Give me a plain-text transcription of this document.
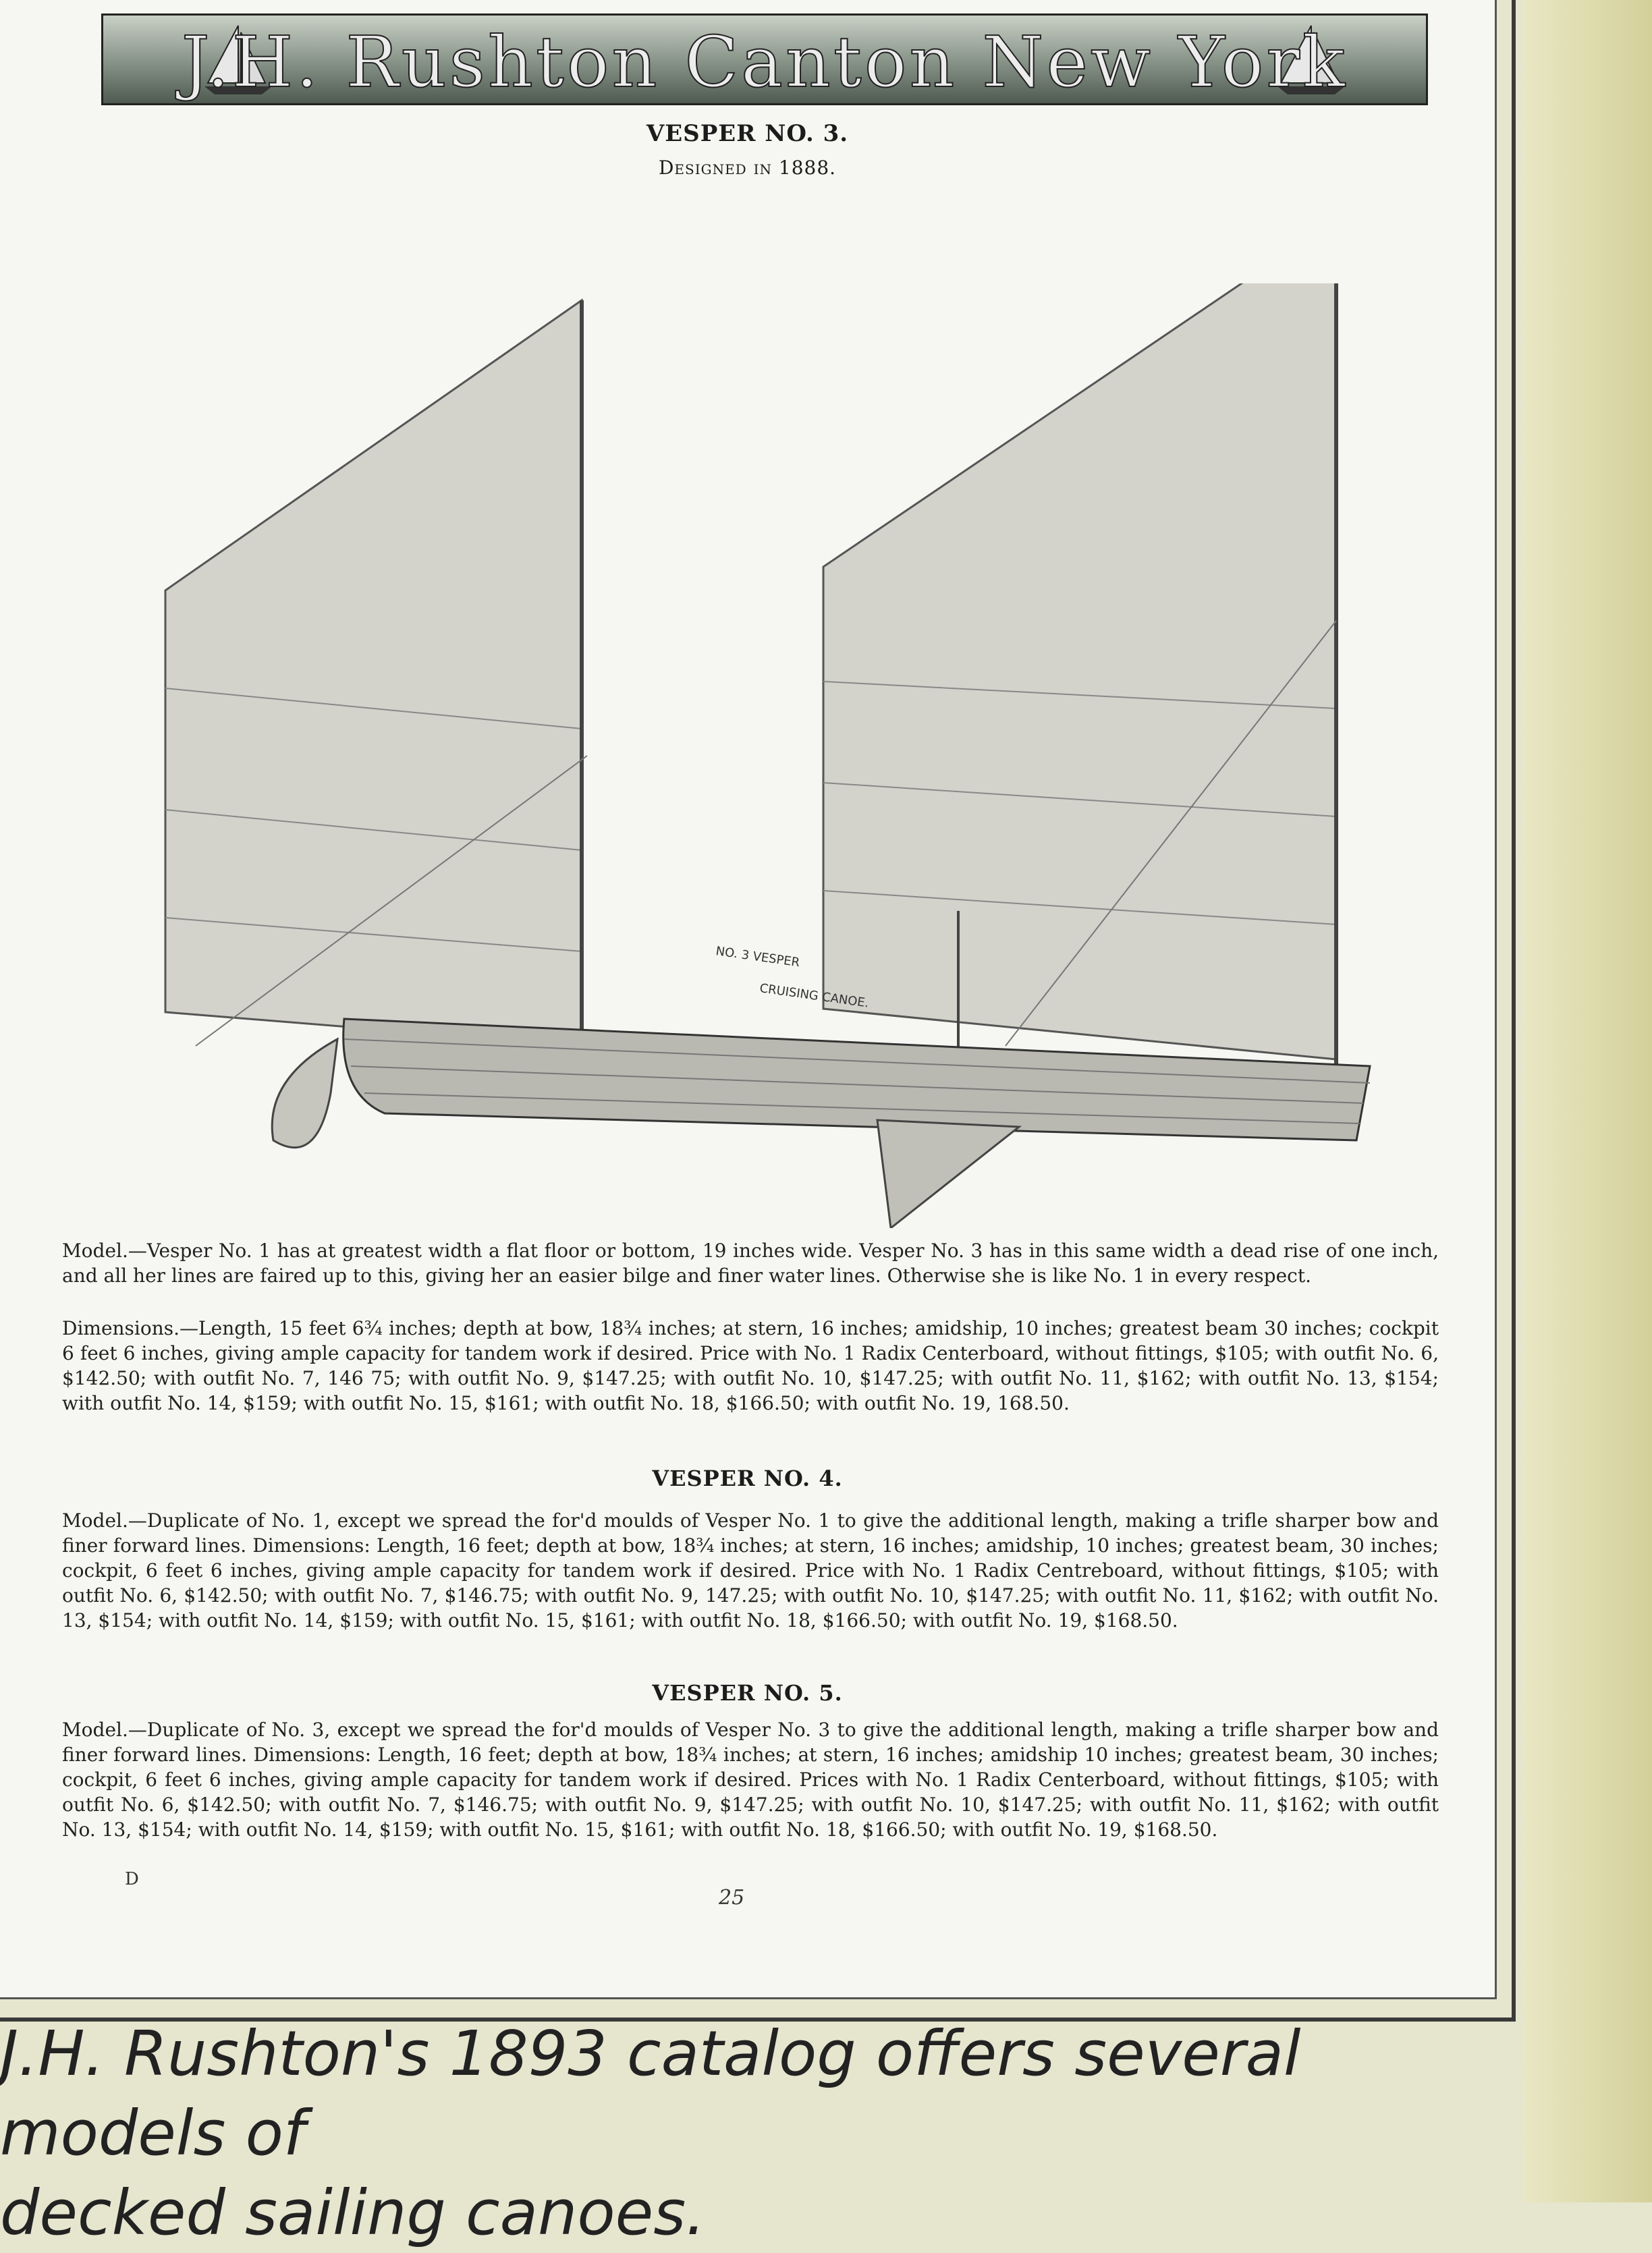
J.H. Rushton Canton New York
VESPER NO. 3.
Designed in 1888.
NO. 3 VESPER
CRUISING CANOE.

Model.—Vesper No. 1 has at greatest width a flat floor or bottom, 19 inches wide. Vesper No. 3 has in this same width a dead rise of one inch, and all her lines are faired up to this, giving her an easier bilge and finer water lines. Otherwise she is like No. 1 in every respect.

Dimensions.—Length, 15 feet 6¾ inches; depth at bow, 18¾ inches; at stern, 16 inches; amidship, 10 inches; greatest beam 30 inches; cockpit 6 feet 6 inches, giving ample capacity for tandem work if desired. Price with No. 1 Radix Centerboard, without fittings, $105; with outfit No. 6, $142.50; with outfit No. 7, 146 75; with outfit No. 9, $147.25; with outfit No. 10, $147.25; with outfit No. 11, $162; with outfit No. 13, $154; with outfit No. 14, $159; with outfit No. 15, $161; with outfit No. 18, $166.50; with outfit No. 19, 168.50.

VESPER NO. 4.

Model.—Duplicate of No. 1, except we spread the for'd moulds of Vesper No. 1 to give the additional length, making a trifle sharper bow and finer forward lines. Dimensions: Length, 16 feet; depth at bow, 18¾ inches; at stern, 16 inches; amidship, 10 inches; greatest beam, 30 inches; cockpit, 6 feet 6 inches, giving ample capacity for tandem work if desired. Price with No. 1 Radix Centreboard, without fittings, $105; with outfit No. 6, $142.50; with outfit No. 7, $146.75; with outfit No. 9, 147.25; with outfit No. 10, $147.25; with outfit No. 11, $162; with outfit No. 13, $154; with outfit No. 14, $159; with outfit No. 15, $161; with outfit No. 18, $166.50; with outfit No. 19, $168.50.

VESPER NO. 5.

Model.—Duplicate of No. 3, except we spread the for'd moulds of Vesper No. 3 to give the additional length, making a trifle sharper bow and finer forward lines. Dimensions: Length, 16 feet; depth at bow, 18¾ inches; at stern, 16 inches; amidship 10 inches; greatest beam, 30 inches; cockpit, 6 feet 6 inches, giving ample capacity for tandem work if desired. Prices with No. 1 Radix Centerboard, without fittings, $105; with outfit No. 6, $142.50; with outfit No. 7, $146.75; with outfit No. 9, $147.25; with outfit No. 10, $147.25; with outfit No. 11, $162; with outfit No. 13, $154; with outfit No. 14, $159; with outfit No. 15, $161; with outfit No. 18, $166.50; with outfit No. 19, $168.50.

D
25

J.H. Rushton's 1893 catalog offers several models of
decked sailing canoes.
